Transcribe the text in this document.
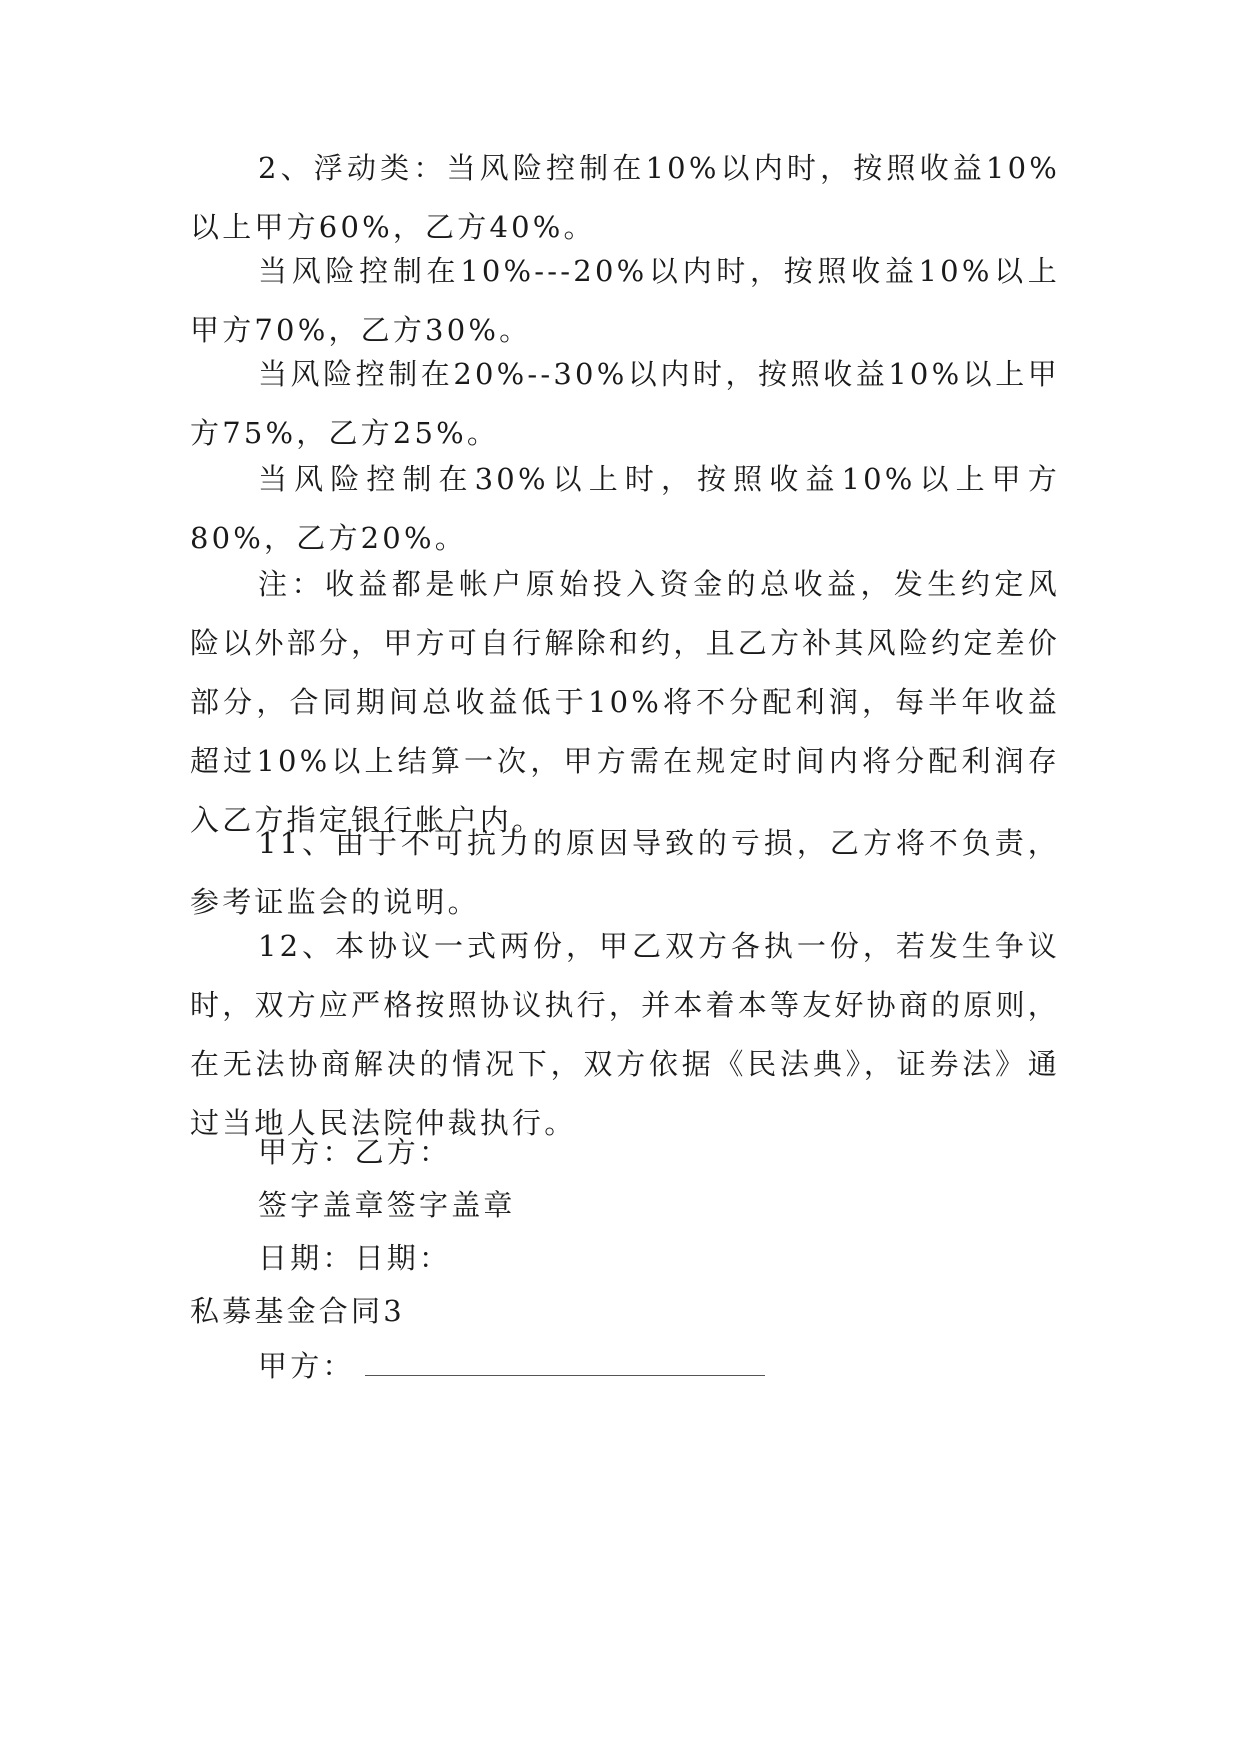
2、浮动类：当风险控制在10%以内时，按照收益10%以上甲方60%，乙方40%。
当风险控制在10%---20%以内时，按照收益10%以上甲方70%，乙方30%。
当风险控制在20%--30%以内时，按照收益10%以上甲方75%，乙方25%。
当风险控制在30%以上时，按照收益10%以上甲方80%，乙方20%。
注：收益都是帐户原始投入资金的总收益，发生约定风险以外部分，甲方可自行解除和约，且乙方补其风险约定差价部分，合同期间总收益低于10%将不分配利润，每半年收益超过10%以上结算一次，甲方需在规定时间内将分配利润存入乙方指定银行帐户内。
11、由于不可抗力的原因导致的亏损，乙方将不负责，参考证监会的说明。
12、本协议一式两份，甲乙双方各执一份，若发生争议时，双方应严格按照协议执行，并本着本等友好协商的原则，在无法协商解决的情况下，双方依据《民法典》，证券法》通过当地人民法院仲裁执行。
甲方：乙方：
签字盖章签字盖章
日期：日期：
私募基金合同3
甲方：
